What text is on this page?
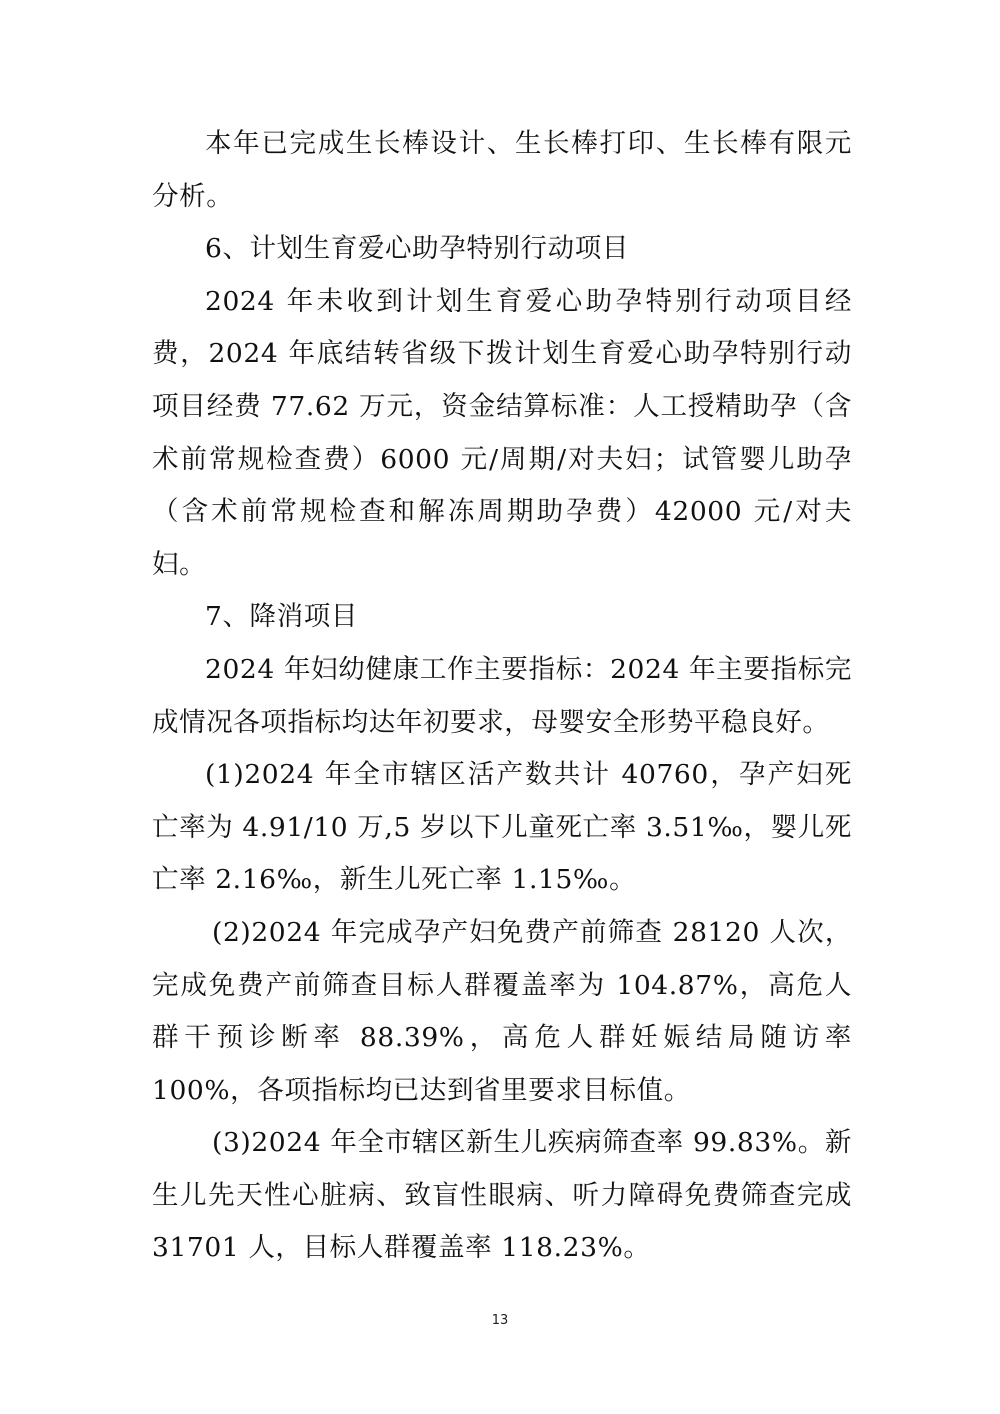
本年已完成生长棒设计、生长棒打印、生长棒有限元分析。

6、计划生育爱心助孕特别行动项目

2024 年未收到计划生育爱心助孕特别行动项目经费，2024 年底结转省级下拨计划生育爱心助孕特别行动项目经费 77.62 万元，资金结算标准：人工授精助孕（含术前常规检查费）6000 元/周期/对夫妇；试管婴儿助孕（含术前常规检查和解冻周期助孕费）42000 元/对夫妇。

7、降消项目

2024 年妇幼健康工作主要指标：2024 年主要指标完成情况各项指标均达年初要求，母婴安全形势平稳良好。

(1)2024 年全市辖区活产数共计 40760，孕产妇死亡率为 4.91/10 万,5 岁以下儿童死亡率 3.51‰，婴儿死亡率 2.16‰，新生儿死亡率 1.15‰。

(2)2024 年完成孕产妇免费产前筛查 28120 人次，完成免费产前筛查目标人群覆盖率为 104.87%，高危人群干预诊断率 88.39%，高危人群妊娠结局随访率 100%，各项指标均已达到省里要求目标值。

(3)2024 年全市辖区新生儿疾病筛查率 99.83%。新生儿先天性心脏病、致盲性眼病、听力障碍免费筛查完成 31701 人，目标人群覆盖率 118.23%。

13
